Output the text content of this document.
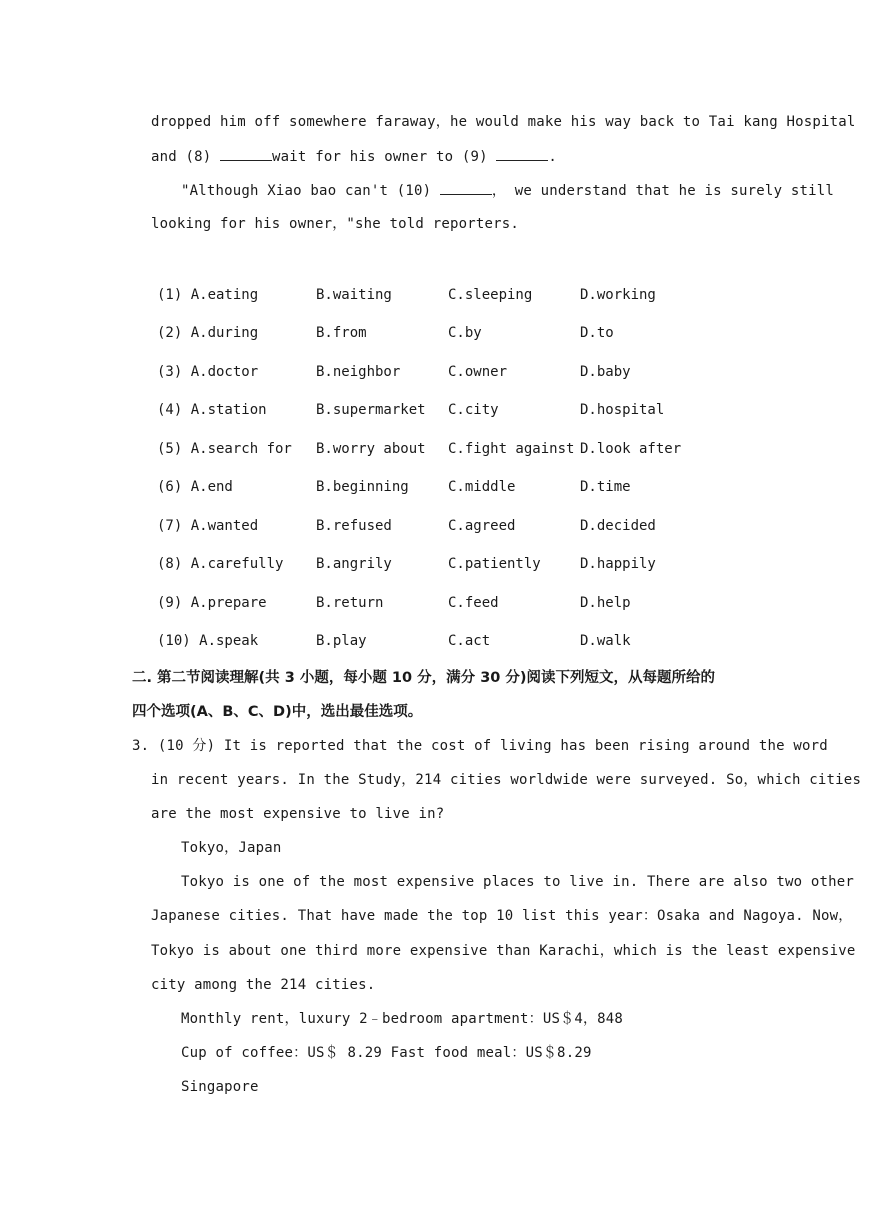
dropped him off somewhere faraway，he would make his way back to Tai kang Hospital
and (8)	wait for his owner to (9)	.
"Although Xiao bao can't (10)	， we understand that he is surely still
looking for his owner，"she told reporters.
(1) A.eating	B.waiting	C.sleeping	D.working
(2) A.during	B.from	C.by	D.to
(3) A.doctor	B.neighbor	C.owner	D.baby
(4) A.station	B.supermarket C.city	D.hospital
(5) A.search for B.worry about C.fight against D.look after
(6) A.end	B.beginning	C.middle	D.time
(7) A.wanted	B.refused	C.agreed	D.decided
(8) A.carefully B.angrily	C.patiently	D.happily
(9) A.prepare	B.return	C.feed	D.help
(10) A.speak	B.play	C.act	D.walk
二. 第二节阅读理解(共 3 小题，每小题 10 分，满分 30 分)阅读下列短文，从每题所给的
四个选项(A、B、C、D)中，选出最佳选项。
3. (10 分) It is reported that the cost of living has been rising around the word
in recent years. In the Study，214 cities worldwide were surveyed. So，which cities
are the most expensive to live in?
Tokyo，Japan
Tokyo is one of the most expensive places to live in. There are also two other
Japanese cities. That have made the top 10 list this year：Osaka and Nagoya. Now，
Tokyo is about one third more expensive than Karachi，which is the least expensive
city among the 214 cities.
Monthly rent，luxury 2﹣bedroom apartment：US＄4，848
Cup of coffee：US＄ 8.29 Fast food meal：US＄8.29
Singapore
